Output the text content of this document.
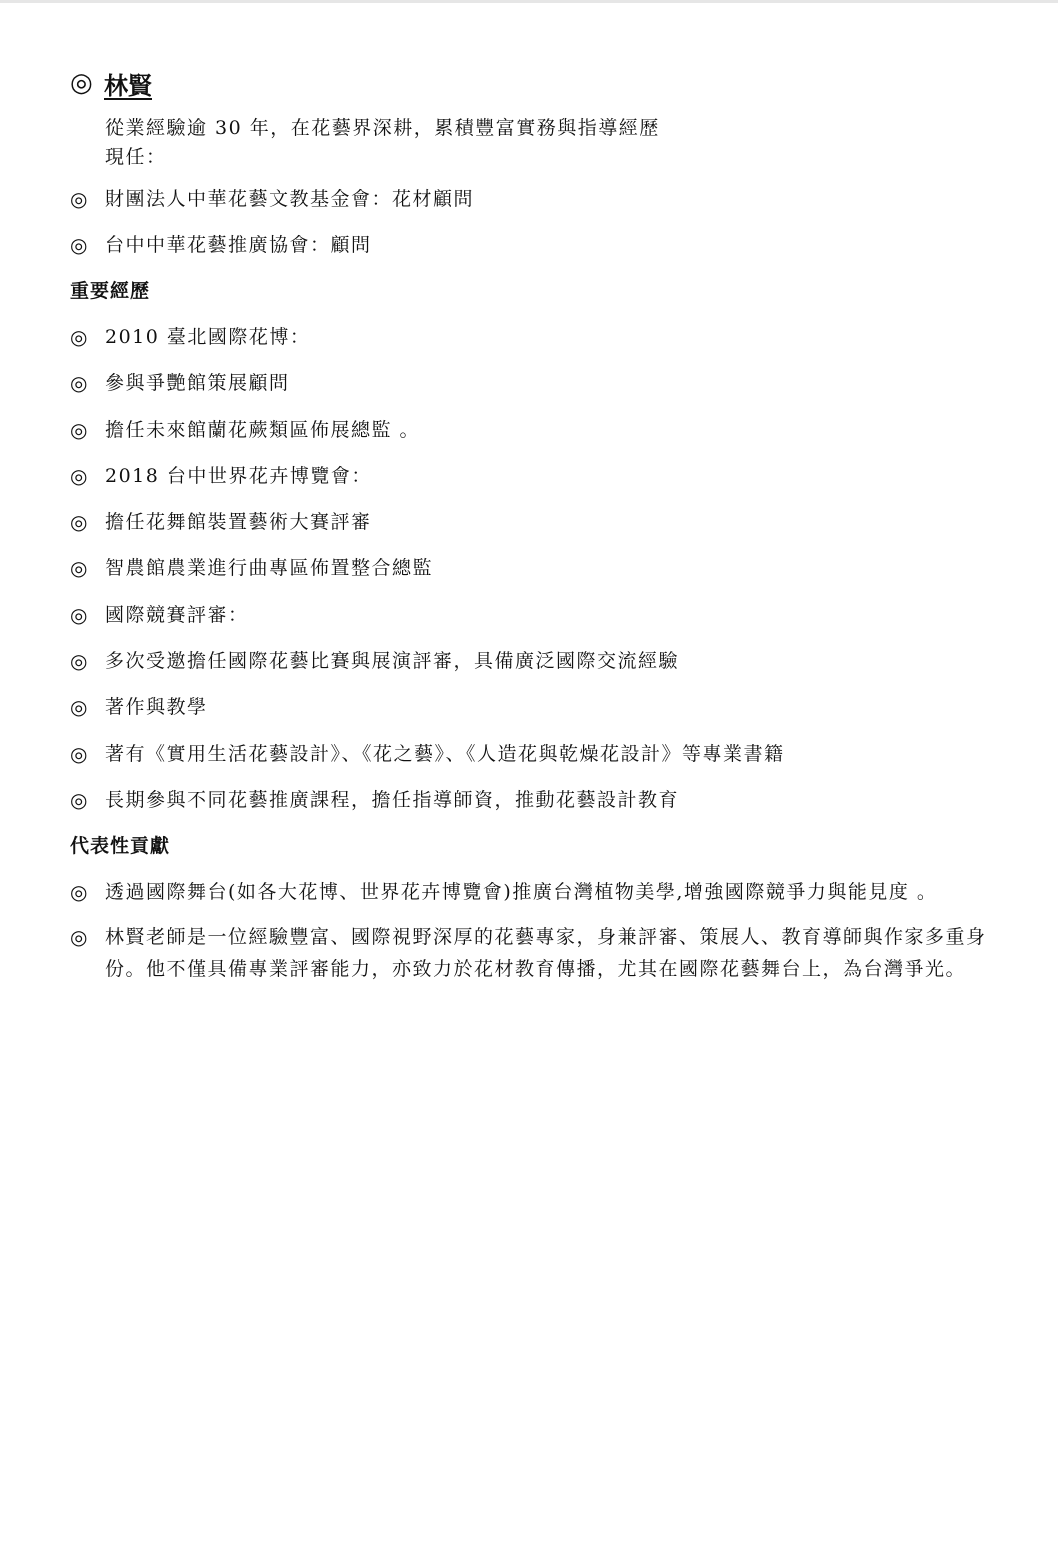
◎ 林賢
從業經驗逾 30 年，在花藝界深耕，累積豐富實務與指導經歷
現任：
◎ 財團法人中華花藝文教基金會：花材顧問
◎ 台中中華花藝推廣協會：顧問
重要經歷
◎ 2010 臺北國際花博：
◎ 參與爭艷館策展顧問
◎ 擔任未來館蘭花蕨類區佈展總監 。
◎ 2018 台中世界花卉博覽會：
◎ 擔任花舞館裝置藝術大賽評審
◎ 智農館農業進行曲專區佈置整合總監
◎ 國際競賽評審：
◎ 多次受邀擔任國際花藝比賽與展演評審，具備廣泛國際交流經驗
◎ 著作與教學
◎ 著有《實用生活花藝設計》、《花之藝》、《人造花與乾燥花設計》等專業書籍
◎ 長期參與不同花藝推廣課程，擔任指導師資，推動花藝設計教育
代表性貢獻
◎ 透過國際舞台(如各大花博、世界花卉博覽會)推廣台灣植物美學,增強國際競爭力與能見度 。
◎ 林賢老師是一位經驗豐富、國際視野深厚的花藝專家，身兼評審、策展人、教育導師與作家多重身份。他不僅具備專業評審能力，亦致力於花材教育傳播，尤其在國際花藝舞台上，為台灣爭光。
